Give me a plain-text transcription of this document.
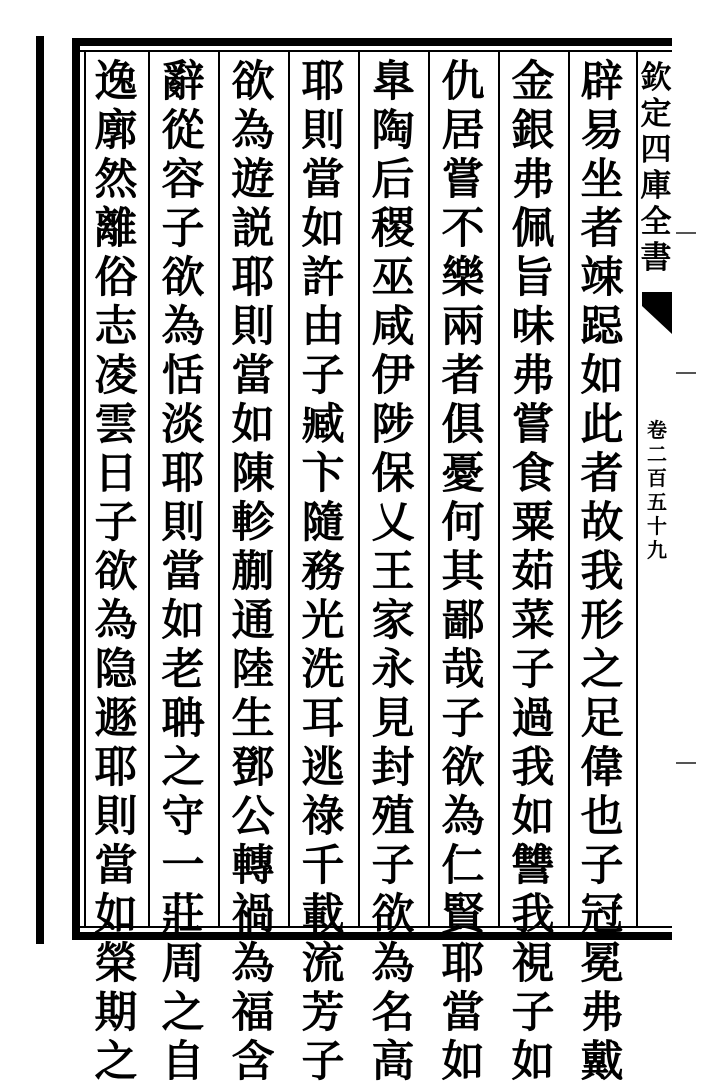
欽
定
四
庫
全
書
卷
二
百
五
十
九
辟
易
坐
者
竦
跽
如
此
者
故
我
形
之
足
偉
也
子
冠
冕
弗
戴
金
銀
弗
佩
旨
味
弗
嘗
食
粟
茹
菜
子
過
我
如
讐
我
視
子
如
仇
居
嘗
不
樂
兩
者
俱
憂
何
其
鄙
哉
子
欲
為
仁
賢
耶
當
如
臯
陶
后
稷
巫
咸
伊
陟
保
乂
王
家
永
見
封
殖
子
欲
為
名
高
耶
則
當
如
許
由
子
臧
卞
隨
務
光
洗
耳
逃
祿
千
載
流
芳
子
欲
為
遊
説
耶
則
當
如
陳
軫
蒯
通
陸
生
鄧
公
轉
禍
為
福
含
辭
從
容
子
欲
為
恬
淡
耶
則
當
如
老
聃
之
守
一
莊
周
之
自
逸
廓
然
離
俗
志
凌
雲
日
子
欲
為
隐
遯
耶
則
當
如
榮
期
之
